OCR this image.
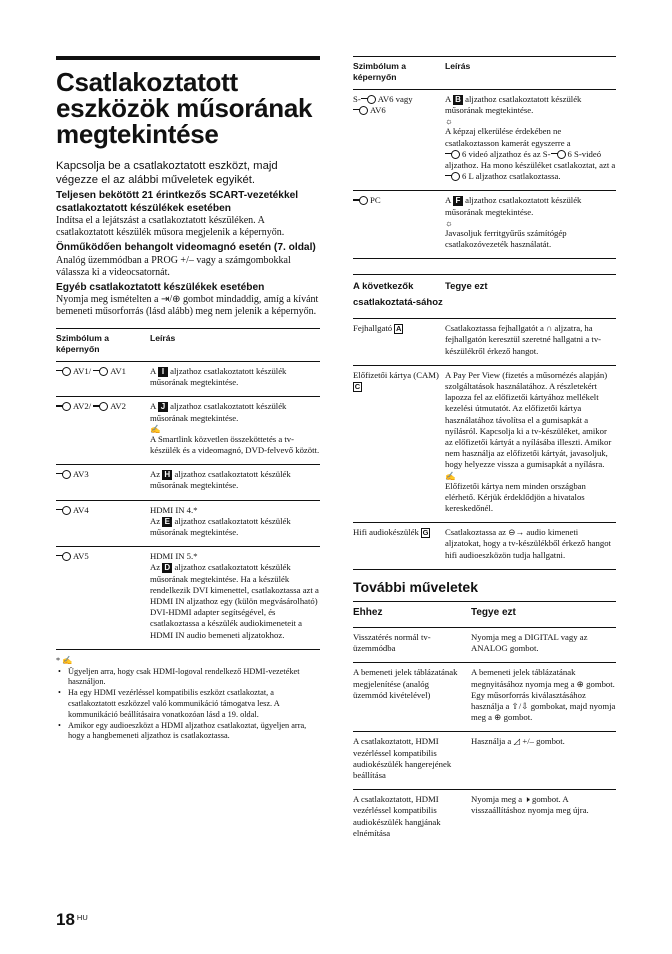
Csatlakoztatott eszközök műsorának megtekintése
Kapcsolja be a csatlakoztatott eszközt, majd végezze el az alábbi műveletek egyikét.
Teljesen bekötött 21 érintkezős SCART-vezetékkel csatlakoztatott készülékek esetében
Indítsa el a lejátszást a csatlakoztatott készüléken. A csatlakoztatott készülék műsora megjelenik a képernyőn.
Önműködően behangolt videomagnó esetén (7. oldal)
Analóg üzemmódban a PROG +/– vagy a számgombokkal válassza ki a videocsatornát.
Egyéb csatlakoztatott készülékek esetében
Nyomja meg ismételten a ⇥/⊕ gombot mindaddig, amíg a kívánt bemeneti műsorforrás (lásd alább) meg nem jelenik a képernyőn.
Szimbólum a képernyőn	Leírás
AV1/ AV1	A I aljzathoz csatlakoztatott készülék műsorának megtekintése.
AV2/ AV2	A J aljzathoz csatlakoztatott készülék műsorának megtekintése.
✍
A Smartlink közvetlen összeköttetés a tv-készülék és a videomagnó, DVD-felvevő között.
AV3	Az H aljzathoz csatlakoztatott készülék műsorának megtekintése.
AV4	HDMI IN 4.*
Az E aljzathoz csatlakoztatott készülék műsorának megtekintése.
AV5	HDMI IN 5.*
Az D aljzathoz csatlakoztatott készülék műsorának megtekintése. Ha a készülék rendelkezik DVI kimenettel, csatlakoztassa azt a HDMI IN aljzathoz egy (külön megvásárolható) DVI-HDMI adapter segítségével, és csatlakoztassa a készülék audiokimeneteit a HDMI IN audio bemeneti aljzatokhoz.
* ✍
• Ügyeljen arra, hogy csak HDMI-logoval rendelkező HDMI-vezetéket használjon.
• Ha egy HDMI vezérléssel kompatibilis eszközt csatlakoztat, a csatlakoztatott eszközzel való kommunikáció támogatva lesz. A kommunikáció beállításaira vonatkozóan lásd a 19. oldal.
• Amikor egy audioeszközt a HDMI aljzathoz csatlakoztat, ügyeljen arra, hogy a hangbemeneti aljzathoz is csatlakoztassa.
Szimbólum a képernyőn	Leírás
S- AV6 vagy
AV6	A B aljzathoz csatlakoztatott készülék műsorának megtekintése.
☼
A képzaj elkerülése érdekében ne csatlakoztasson kamerát egyszerre a
6 videó aljzathoz és az S- 6 S-videó aljzathoz. Ha mono készüléket csatlakoztat, azt a 6 L aljzathoz csatlakoztassa.
PC	A F aljzathoz csatlakoztatott készülék műsorának megtekintése.
☼
Javasoljuk ferritgyűrűs számítógép csatlakozóvezeték használatát.
A következők csatlakoztatá-sához	Tegye ezt
Fejhallgató A	Csatlakoztassa fejhallgatót a ∩ aljzatra, ha fejhallgatón keresztül szeretné hallgatni a tv-készülékről érkező hangot.
Előfizetői kártya (CAM) C	A Pay Per View (fizetés a műsornézés alapján) szolgáltatások használatához. A részletekért lapozza fel az előfizetői kártyához mellékelt kezelési útmutatót. Az előfizetői kártya használatához távolítsa el a gumisapkát a nyílásról. Kapcsolja ki a tv-készüléket, amikor az előfizetői kártyát a nyílásába illeszti. Amikor nem használja az előfizetői kártyát, javasoljuk, hogy helyezze vissza a gumisapkát a nyílásra.
✍
Előfizetői kártya nem minden országban elérhető. Kérjük érdeklődjön a hivatalos kereskedőnél.
Hifi audiokészülék G	Csatlakoztassa az ⊖→ audio kimeneti aljzatokat, hogy a tv-készülékből érkező hangot hifi audioeszközön tudja hallgatni.
További műveletek
Ehhez	Tegye ezt
Visszatérés normál tv-üzemmódba	Nyomja meg a DIGITAL vagy az ANALOG gombot.
A bemeneti jelek táblázatának megjelenítése (analóg üzemmód kivételével)	A bemeneti jelek táblázatának megnyitásához nyomja meg a ⊕ gombot. Egy műsorforrás kiválasztásához használja a ⇧/⇩ gombokat, majd nyomja meg a ⊕ gombot.
A csatlakoztatott, HDMI vezérléssel kompatibilis audiokészülék hangerejének beállítása	Használja a ◿ +/– gombot.
A csatlakoztatott, HDMI vezérléssel kompatibilis audiokészülék hangjának elnémítása	Nyomja meg a 🕨 gombot. A visszaállításhoz nyomja meg újra.
18 $^{HU}$
